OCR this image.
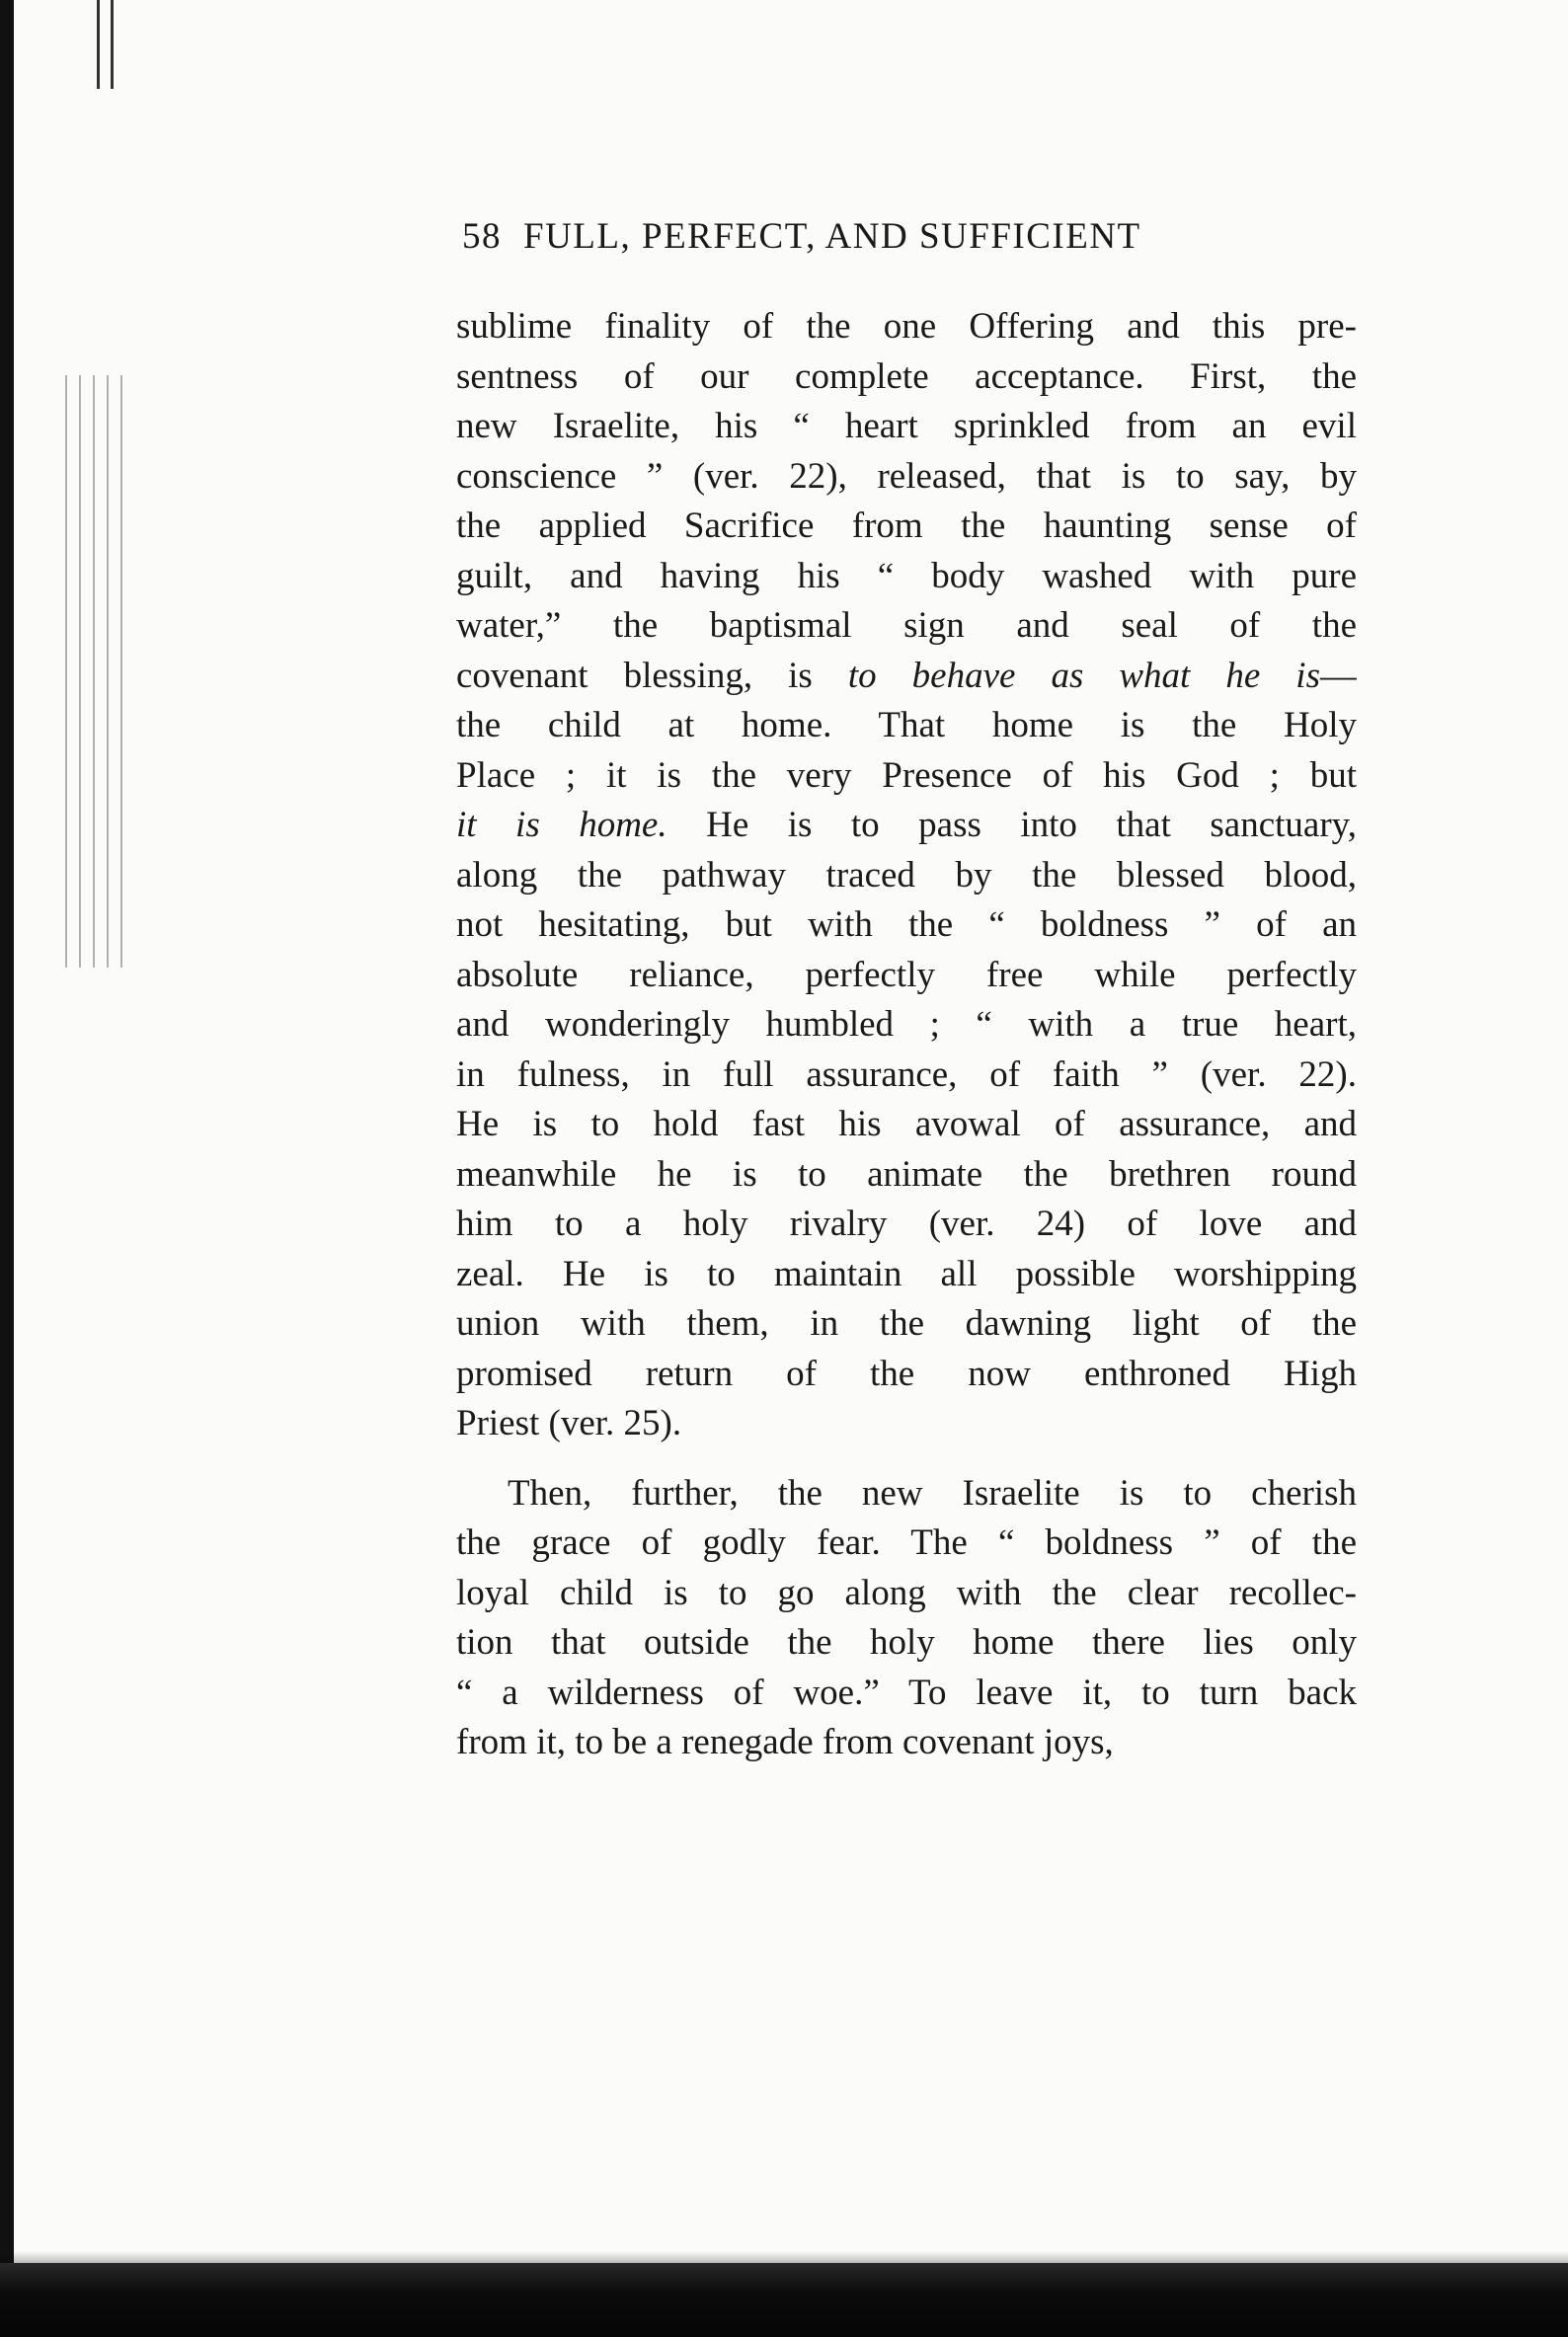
58 FULL, PERFECT, AND SUFFICIENT
sublime finality of the one Offering and this pre-
sentness of our complete acceptance. First, the
new Israelite, his “ heart sprinkled from an evil
conscience ” (ver. 22), released, that is to say, by
the applied Sacrifice from the haunting sense of
guilt, and having his “ body washed with pure
water,” the baptismal sign and seal of the
covenant blessing, is to behave as what he is—
the child at home. That home is the Holy
Place ; it is the very Presence of his God ; but
it is home. He is to pass into that sanctuary,
along the pathway traced by the blessed blood,
not hesitating, but with the “ boldness ” of an
absolute reliance, perfectly free while perfectly
and wonderingly humbled ; “ with a true heart,
in fulness, in full assurance, of faith ” (ver. 22).
He is to hold fast his avowal of assurance, and
meanwhile he is to animate the brethren round
him to a holy rivalry (ver. 24) of love and
zeal. He is to maintain all possible worshipping
union with them, in the dawning light of the
promised return of the now enthroned High
Priest (ver. 25).
Then, further, the new Israelite is to cherish
the grace of godly fear. The “ boldness ” of the
loyal child is to go along with the clear recollec-
tion that outside the holy home there lies only
“ a wilderness of woe.” To leave it, to turn back
from it, to be a renegade from covenant joys,
